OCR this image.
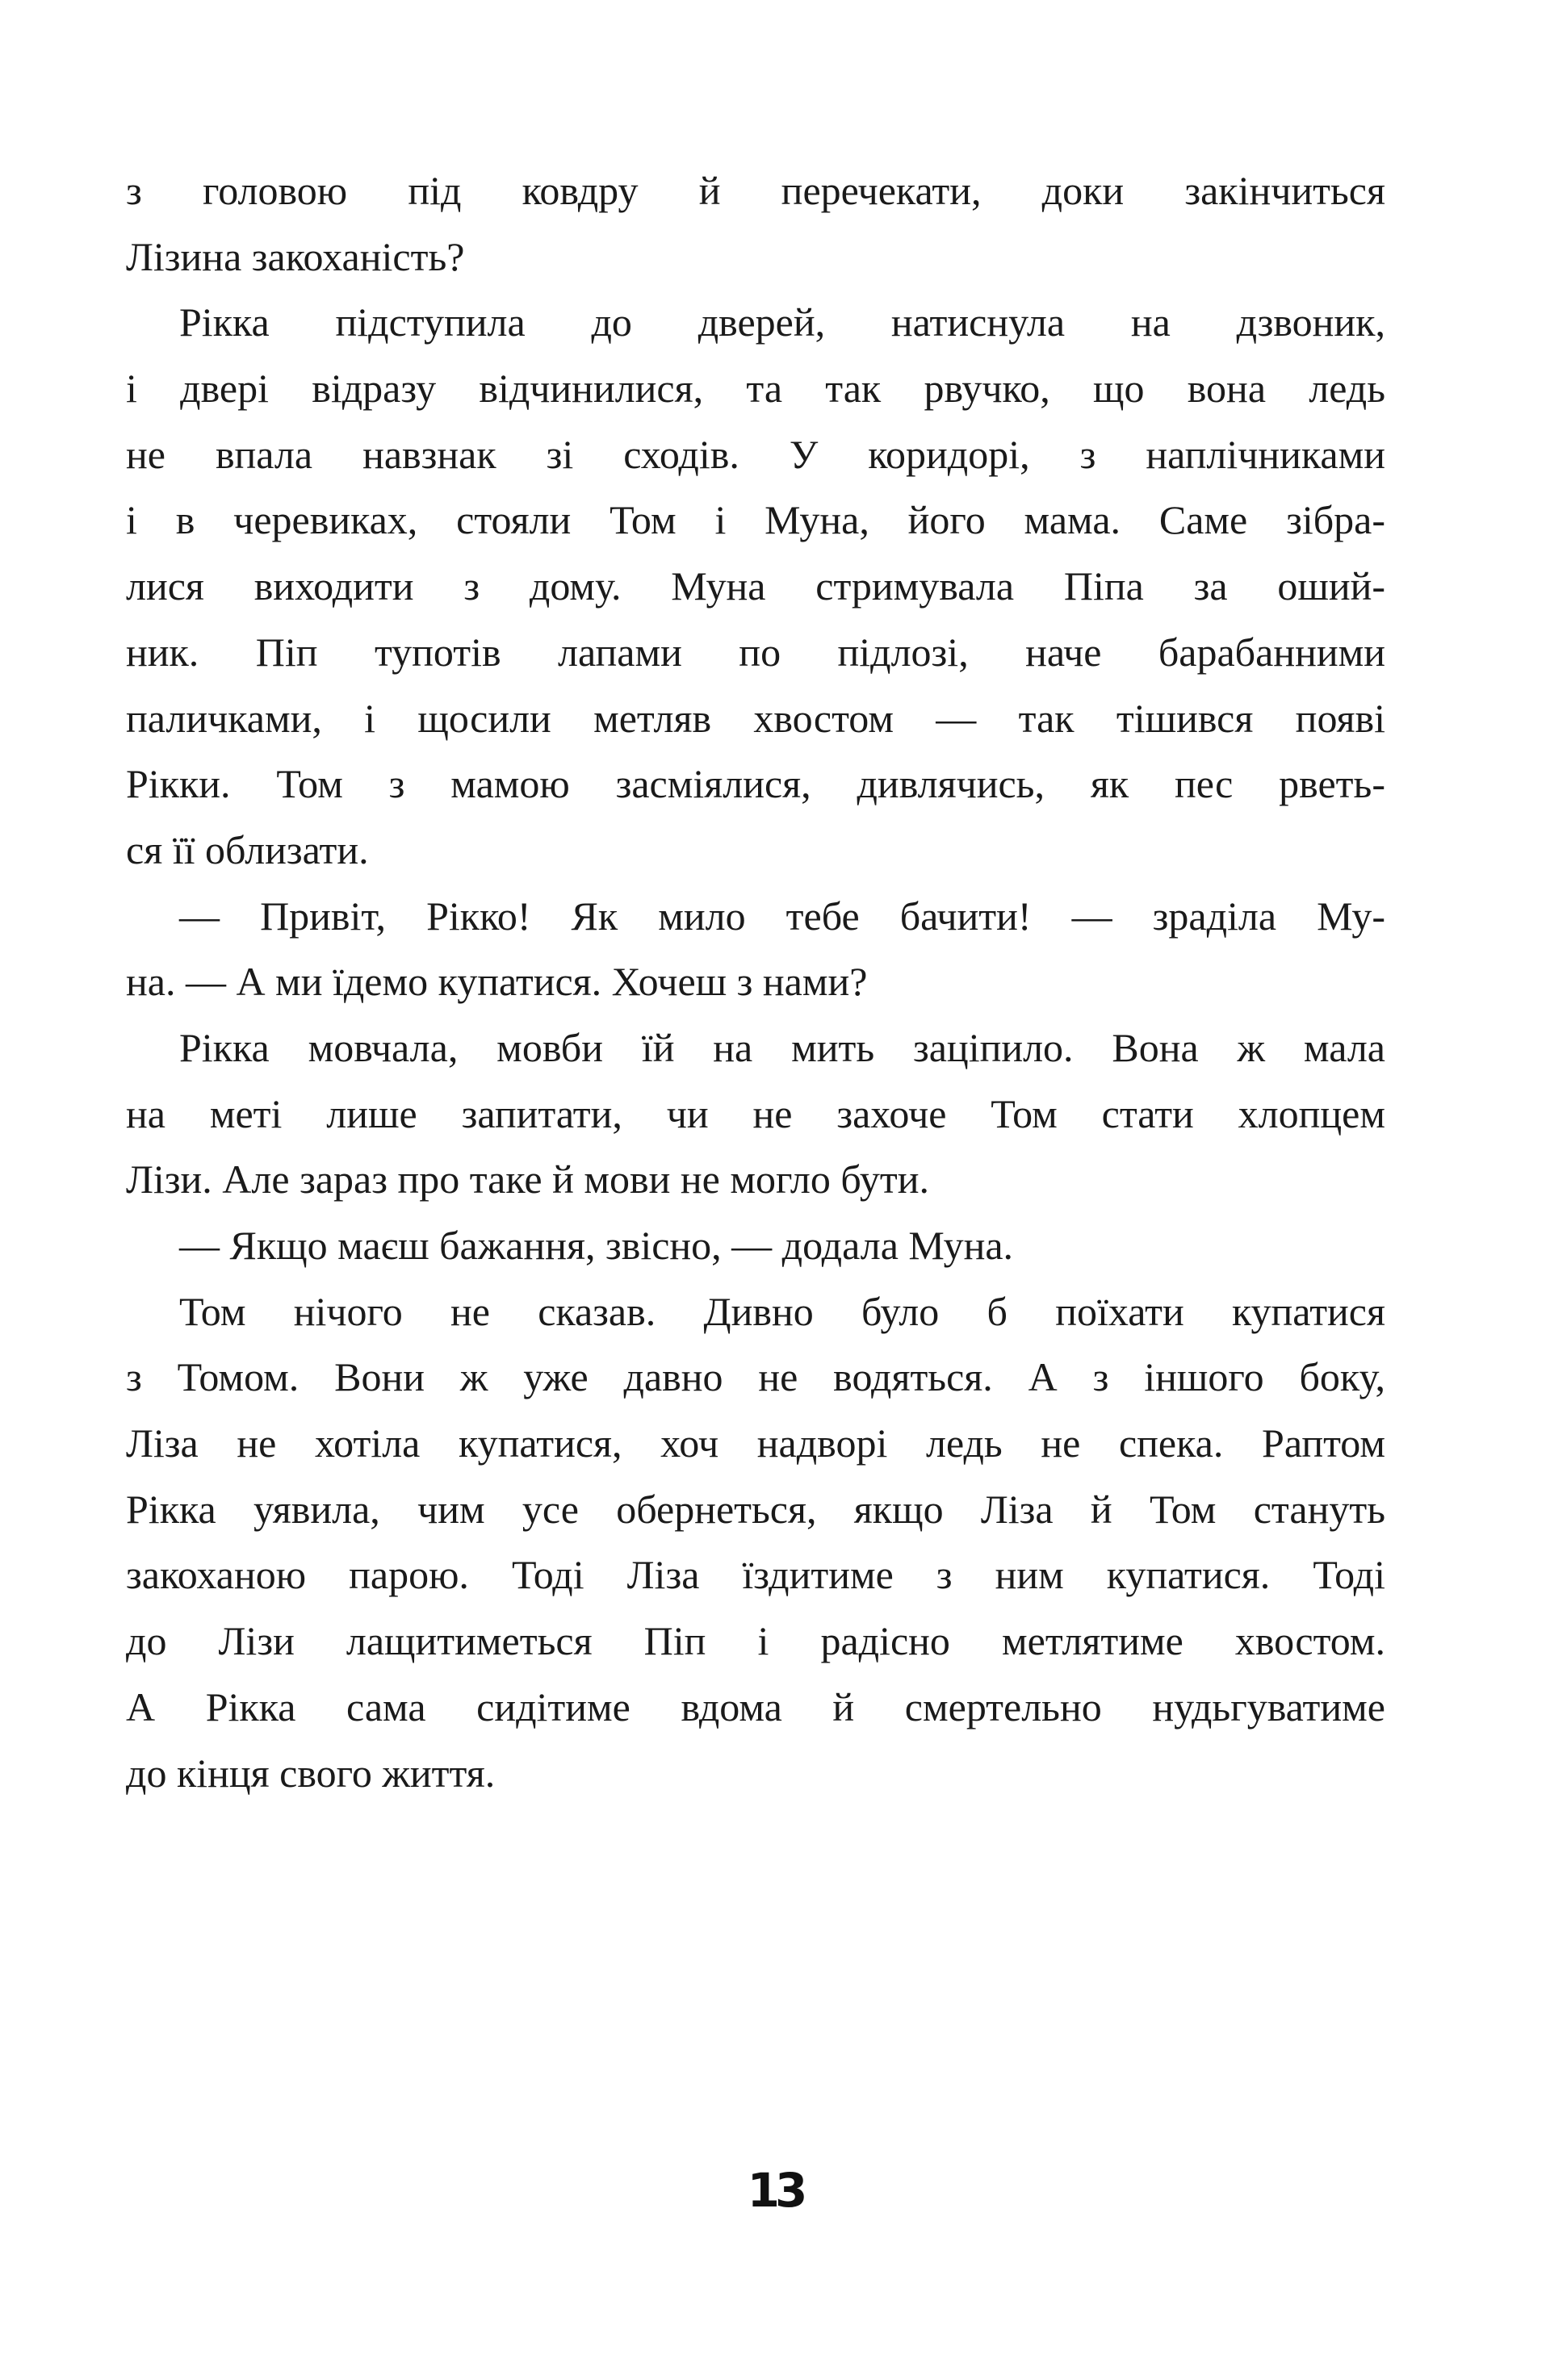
з головою під ковдру й перечекати, доки закінчиться
Лізина закоханість?
Рікка підступила до дверей, натиснула на дзвоник,
і двері відразу відчинилися, та так рвучко, що вона ледь
не впала навзнак зі сходів. У коридорі, з наплічниками
і в черевиках, стояли Том і Муна, його мама. Саме зібра-
лися виходити з дому. Муна стримувала Піпа за оший-
ник. Піп тупотів лапами по підлозі, наче барабанними
паличками, і щосили метляв хвостом — так тішився появі
Рікки. Том з мамою засміялися, дивлячись, як пес рветь-
ся її облизати.
— Привіт, Рікко! Як мило тебе бачити! — зраділа Му-
на. — А ми їдемо купатися. Хочеш з нами?
Рікка мовчала, мовби їй на мить заціпило. Вона ж мала
на меті лише запитати, чи не захоче Том стати хлопцем
Лізи. Але зараз про таке й мови не могло бути.
— Якщо маєш бажання, звісно, — додала Муна.
Том нічого не сказав. Дивно було б поїхати купатися
з Томом. Вони ж уже давно не водяться. А з іншого боку,
Ліза не хотіла купатися, хоч надворі ледь не спека. Раптом
Рікка уявила, чим усе обернеться, якщо Ліза й Том стануть
закоханою парою. Тоді Ліза їздитиме з ним купатися. Тоді
до Лізи лащитиметься Піп і радісно метлятиме хвостом.
А Рікка сама сидітиме вдома й смертельно нудьгуватиме
до кінця свого життя.
13
